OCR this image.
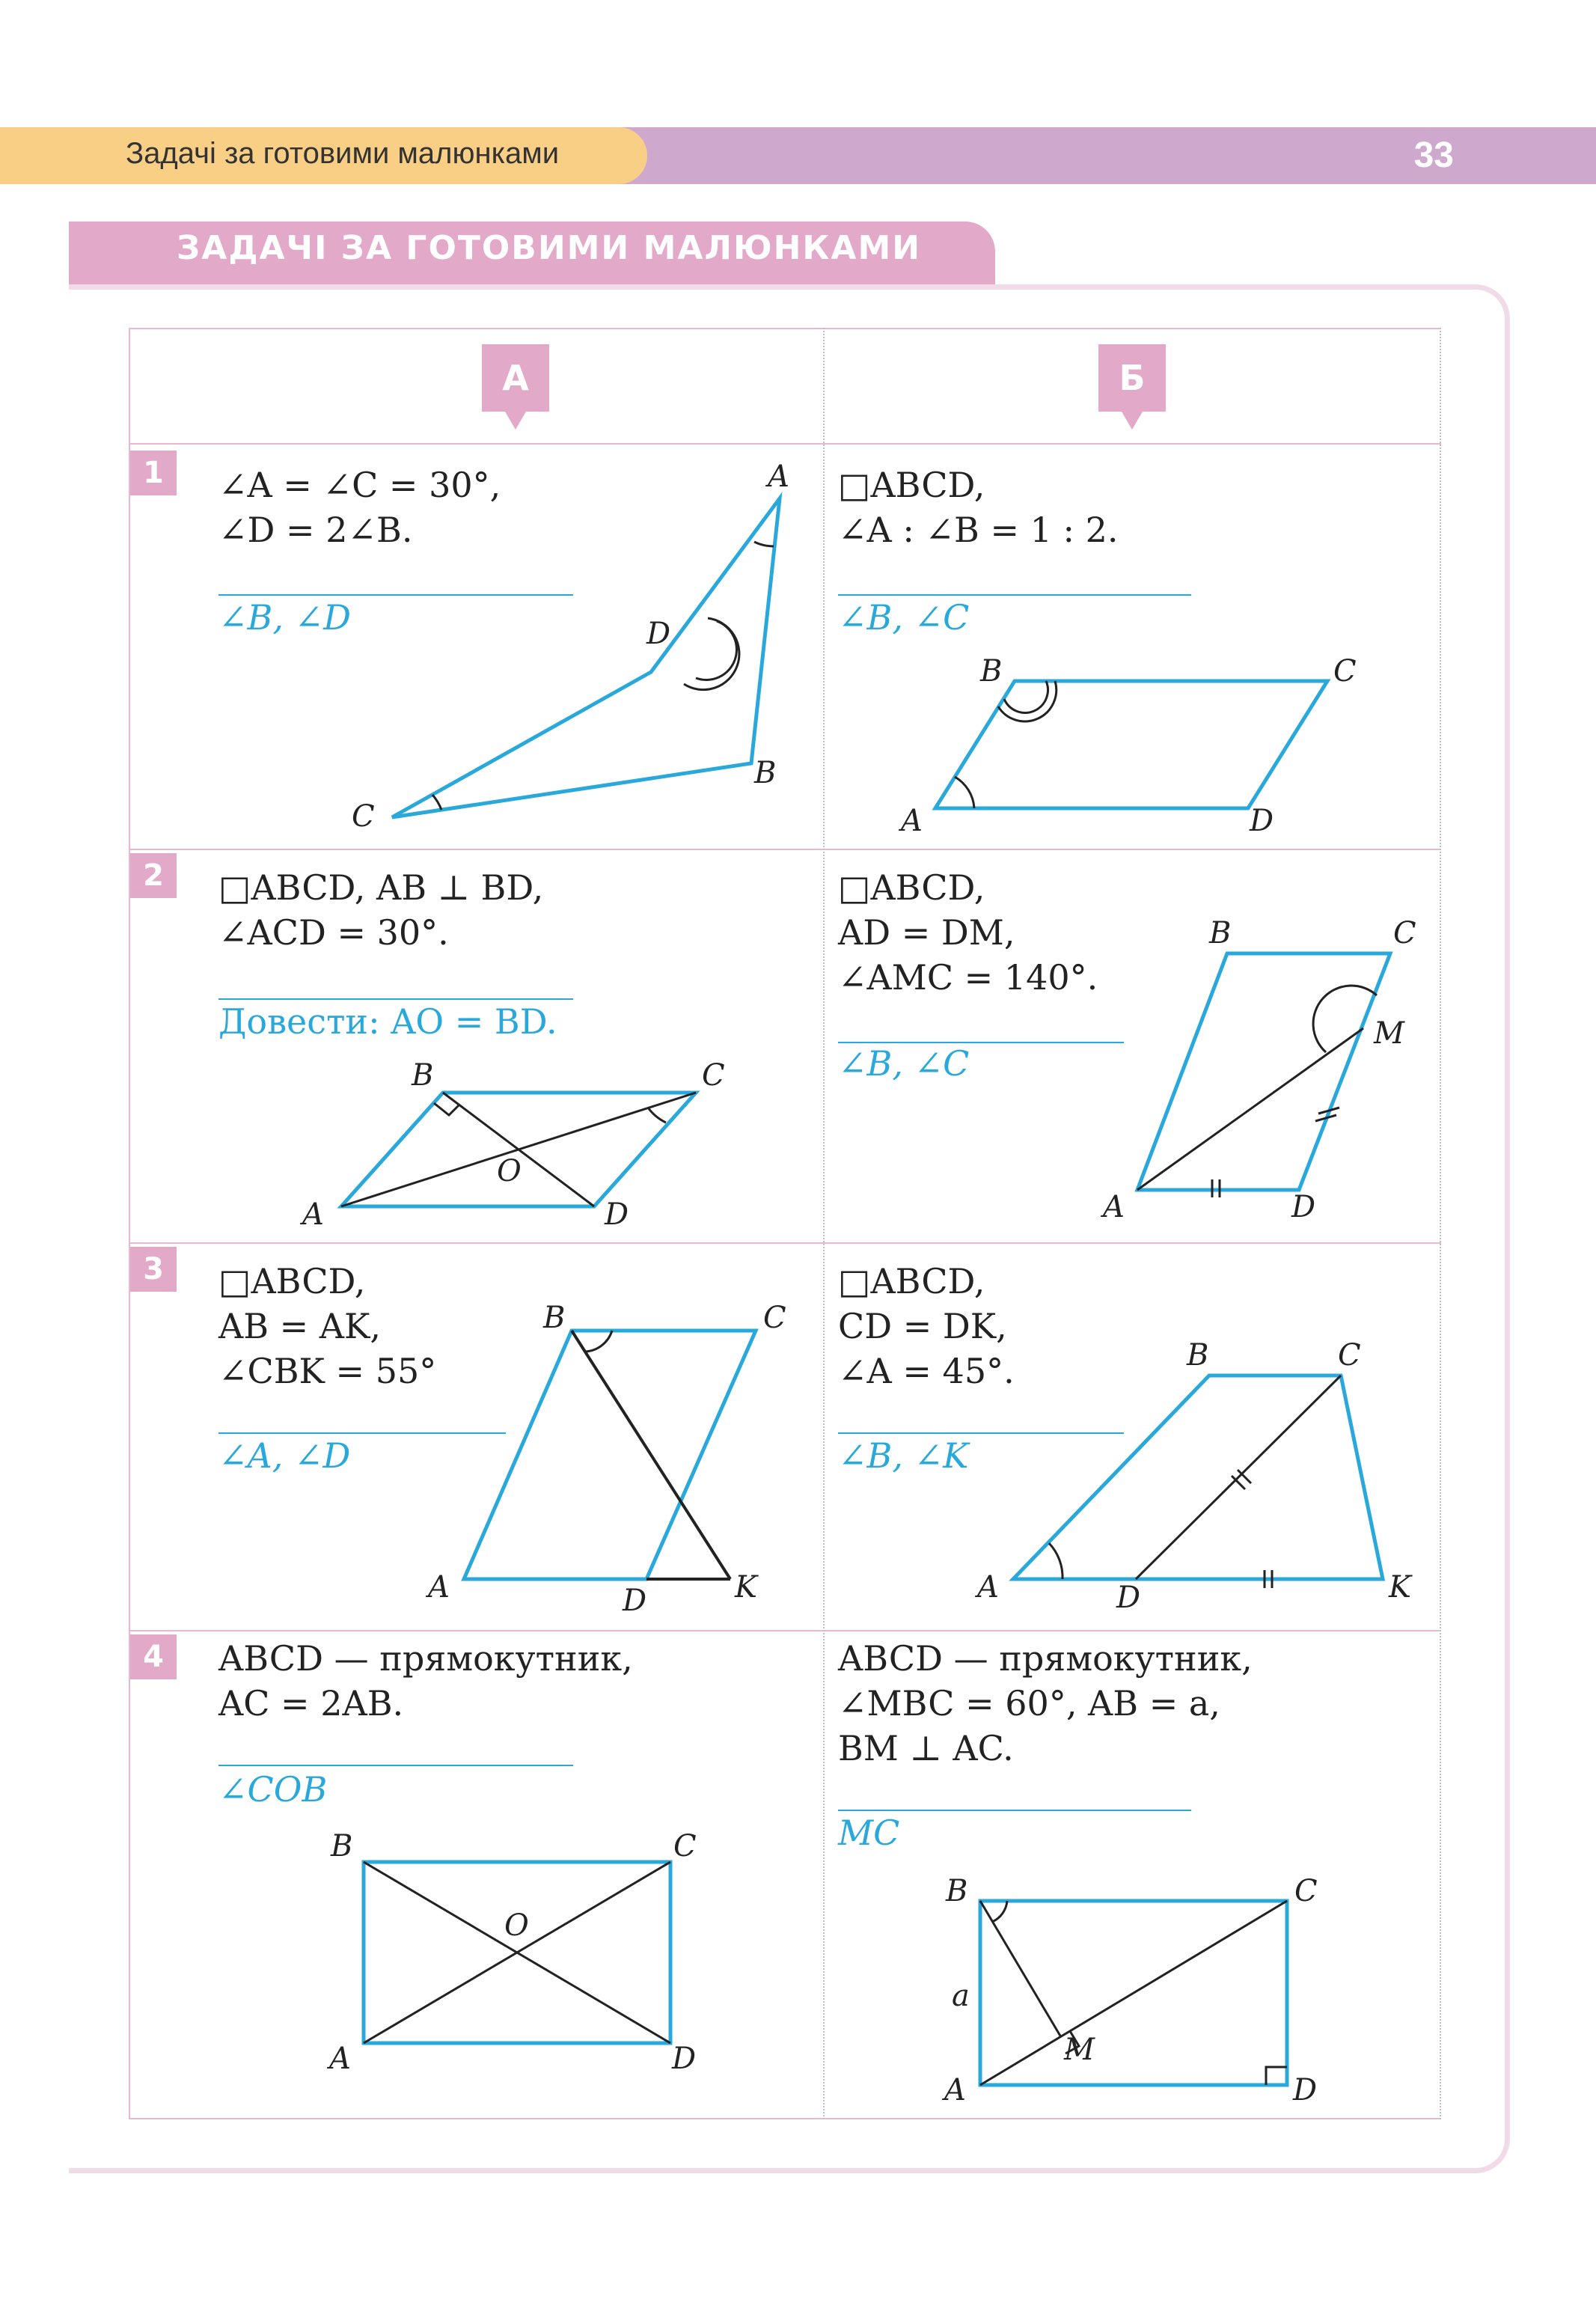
Задачі за готовими малюнками	33
ЗАДАЧІ ЗА ГОТОВИМИ МАЛЮНКАМИ
А	Б
1
2
3
4
∠A = ∠C = 30°,
∠D = 2∠B.
∠B, ∠D
A
B
C
D
□ABCD,
∠A : ∠B = 1 : 2.
∠B, ∠C
A
B	C
D
□ABCD, AB ⊥ BD,
∠ACD = 30°.
Довести: AO = BD.
A
B	C
D
O
□ABCD,
AD = DM,
∠AMC = 140°.
∠B, ∠C
A
B	C
D
M
□ABCD,
AB = AK,
∠CBK = 55°
∠A, ∠D
A
B	C
D	K
□ABCD,
CD = DK,
∠A = 45°.
∠B, ∠K
A
B	C
D	K
ABCD — прямокутник,
AC = 2AB.
∠COB
A
B	C
D
O
ABCD — прямокутник,
∠MBC = 60°, AB = a,
BM ⊥ AC.
MC
A
B	C
D
M
a
